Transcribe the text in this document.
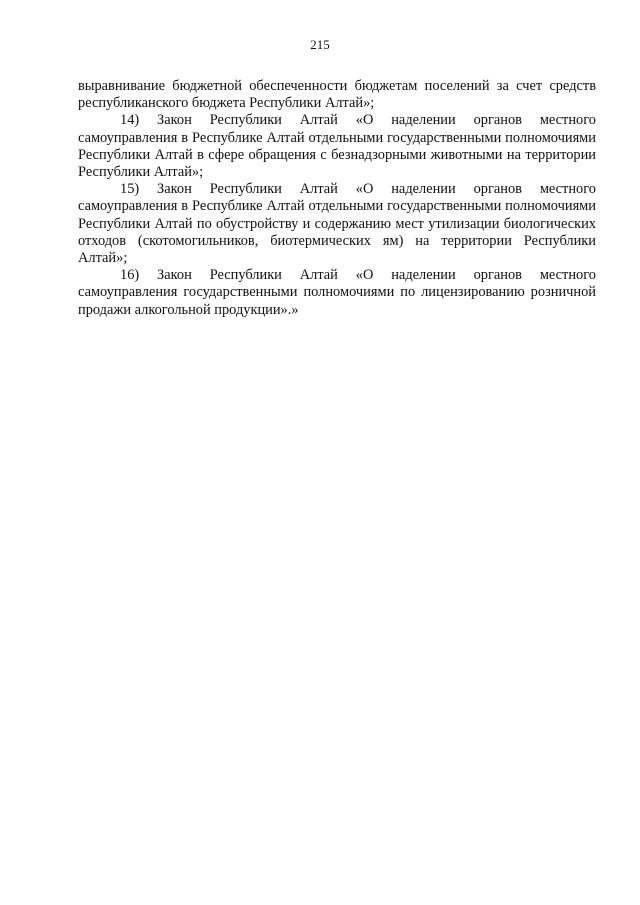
215

выравнивание бюджетной обеспеченности бюджетам поселений за счет средств республиканского бюджета Республики Алтай»;

14) Закон Республики Алтай «О наделении органов местного самоуправления в Республике Алтай отдельными государственными полномочиями Республики Алтай в сфере обращения с безнадзорными животными на территории Республики Алтай»;

15) Закон Республики Алтай «О наделении органов местного самоуправления в Республике Алтай отдельными государственными полномочиями Республики Алтай по обустройству и содержанию мест утилизации биологических отходов (скотомогильников, биотермических ям) на территории Республики Алтай»;

16) Закон Республики Алтай «О наделении органов местного самоуправления государственными полномочиями по лицензированию розничной продажи алкогольной продукции».»
